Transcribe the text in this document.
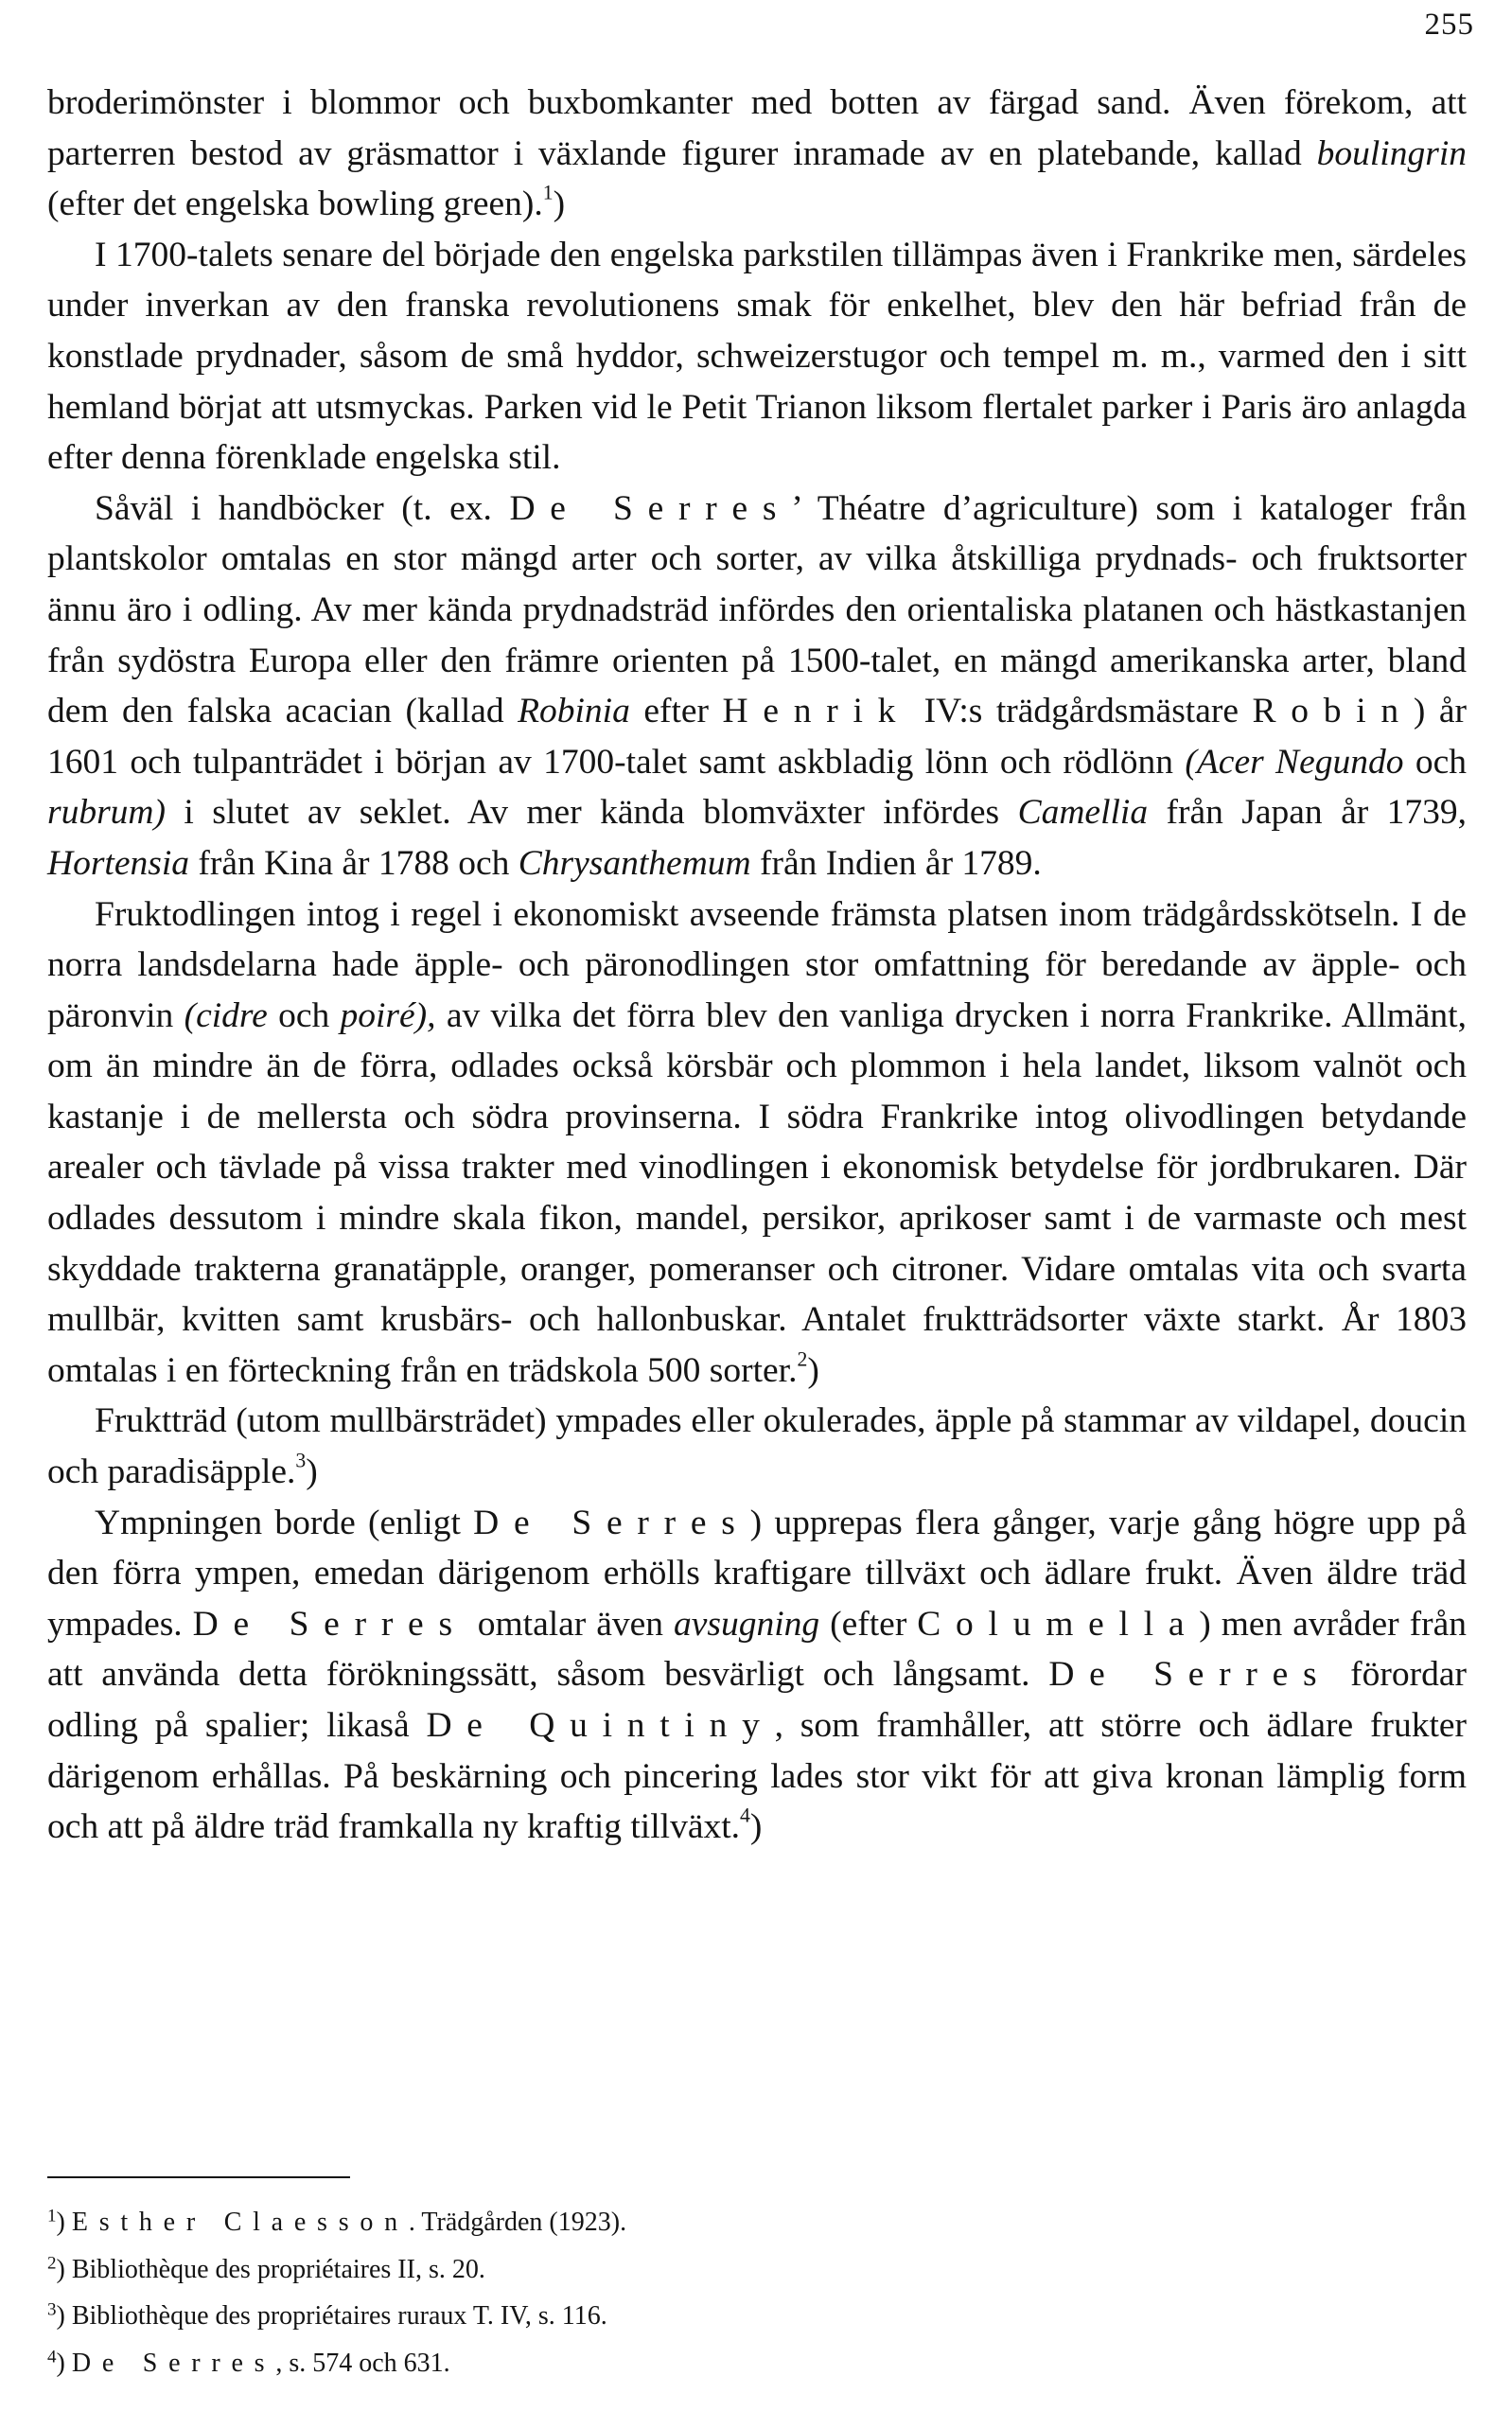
255

broderimönster i blommor och buxbomkanter med botten av färgad sand. Även förekom, att parterren bestod av gräsmattor i växlande figurer inramade av en platebande, kallad boulingrin (efter det engelska bowling green).$^1$)

I 1700-talets senare del började den engelska parkstilen tillämpas även i Frankrike men, särdeles under inverkan av den franska revolutionens smak för enkelhet, blev den här befriad från de konstlade prydnader, såsom de små hyddor, schweizerstugor och tempel m. m., varmed den i sitt hemland börjat att utsmyckas. Parken vid le Petit Trianon liksom flertalet parker i Paris äro anlagda efter denna förenklade engelska stil.

Såväl i handböcker (t. ex. De Serres’ Théatre d’agriculture) som i kataloger från plantskolor omtalas en stor mängd arter och sorter, av vilka åtskilliga prydnads- och fruktsorter ännu äro i odling. Av mer kända prydnadsträd infördes den orientaliska platanen och hästkastanjen från sydöstra Europa eller den främre orienten på 1500-talet, en mängd amerikanska arter, bland dem den falska acacian (kallad Robinia efter Henrik IV:s trädgårdsmästare Robin) år 1601 och tulpanträdet i början av 1700-talet samt askbladig lönn och rödlönn (Acer Negundo och rubrum) i slutet av seklet. Av mer kända blomväxter infördes Camellia från Japan år 1739, Hortensia från Kina år 1788 och Chrysanthemum från Indien år 1789.

Fruktodlingen intog i regel i ekonomiskt avseende främsta platsen inom trädgårdsskötseln. I de norra landsdelarna hade äpple- och päronodlingen stor omfattning för beredande av äpple- och päronvin (cidre och poiré), av vilka det förra blev den vanliga drycken i norra Frankrike. Allmänt, om än mindre än de förra, odlades också körsbär och plommon i hela landet, liksom valnöt och kastanje i de mellersta och södra provinserna. I södra Frankrike intog olivodlingen betydande arealer och tävlade på vissa trakter med vinodlingen i ekonomisk betydelse för jordbrukaren. Där odlades dessutom i mindre skala fikon, mandel, persikor, aprikoser samt i de varmaste och mest skyddade trakterna granatäpple, oranger, pomeranser och citroner. Vidare omtalas vita och svarta mullbär, kvitten samt krusbärs- och hallonbuskar. Antalet fruktträdsorter växte starkt. År 1803 omtalas i en förteckning från en trädskola 500 sorter.$^2$)

Fruktträd (utom mullbärsträdet) ympades eller okulerades, äpple på stammar av vildapel, doucin och paradisäpple.$^3$)

Ympningen borde (enligt De Serres) upprepas flera gånger, varje gång högre upp på den förra ympen, emedan därigenom erhölls kraftigare tillväxt och ädlare frukt. Även äldre träd ympades. De Serres omtalar även avsugning (efter Columella) men avråder från att använda detta förökningssätt, såsom besvärligt och långsamt. De Serres förordar odling på spalier; likaså De Quintiny, som framhåller, att större och ädlare frukter därigenom erhållas. På beskärning och pincering lades stor vikt för att giva kronan lämplig form och att på äldre träd framkalla ny kraftig tillväxt.$^4$)

$^1$) Esther Claesson. Trädgården (1923).

$^2$) Bibliothèque des propriétaires II, s. 20.

$^3$) Bibliothèque des propriétaires ruraux T. IV, s. 116.

$^4$) De Serres, s. 574 och 631.
